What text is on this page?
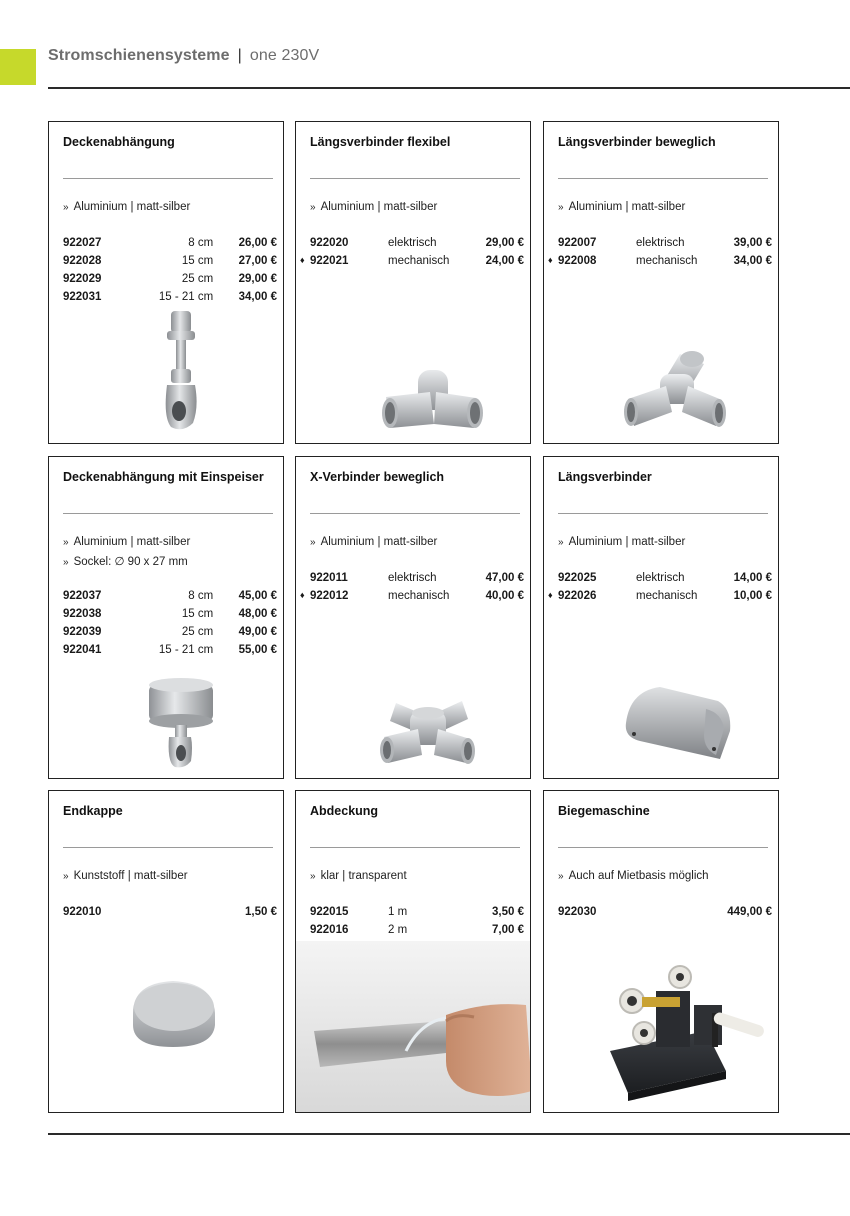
Stromschienensysteme | one 230V
Deckenabhängung
» Aluminium | matt-silber
922027	8 cm	26,00 €
922028	15 cm	27,00 €
922029	25 cm	29,00 €
922031	15 - 21 cm	34,00 €
Längsverbinder flexibel
» Aluminium | matt-silber
922020	elektrisch	29,00 €

♦ 922021	mechanisch	24,00 €
Längsverbinder beweglich
» Aluminium | matt-silber
922007	elektrisch	39,00 €

♦ 922008	mechanisch	34,00 €
Deckenabhängung mit Einspeiser
» Aluminium | matt-silber
» Sockel: ∅ 90 x 27 mm
922037	8 cm	45,00 €
922038	15 cm	48,00 €
922039	25 cm	49,00 €
922041	15 - 21 cm	55,00 €
X-Verbinder beweglich
» Aluminium | matt-silber
922011	elektrisch	47,00 €

♦ 922012	mechanisch	40,00 €
Längsverbinder
» Aluminium | matt-silber
922025	elektrisch	14,00 €

♦ 922026	mechanisch	10,00 €
Endkappe
» Kunststoff | matt-silber
922010		1,50 €
Abdeckung
» klar | transparent
922015	1 m	3,50 €
922016	2 m	7,00 €
Biegemaschine
» Auch auf Mietbasis möglich
922030		449,00 €
